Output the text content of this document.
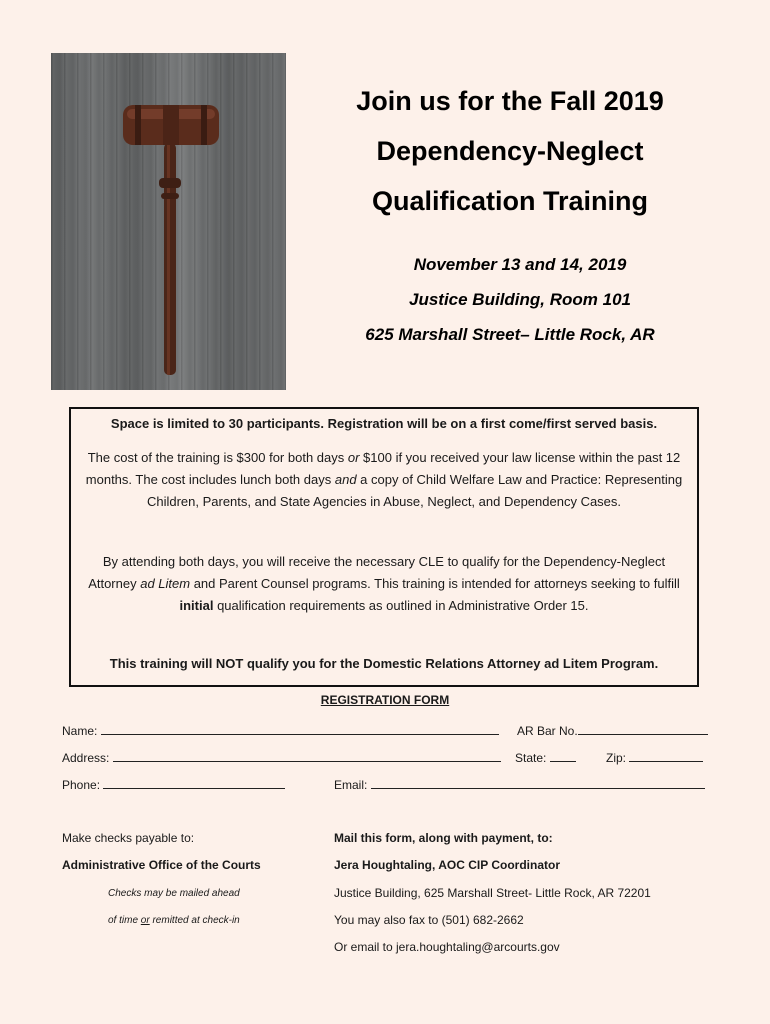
Join us for the Fall 2019
Dependency-Neglect
Qualification Training
November 13 and 14, 2019
Justice Building, Room 101
625 Marshall Street– Little Rock, AR

Space is limited to 30 participants. Registration will be on a first come/first served basis.

The cost of the training is $300 for both days or $100 if you received your law license within the past 12 months. The cost includes lunch both days and a copy of Child Welfare Law and Practice: Representing Children, Parents, and State Agencies in Abuse, Neglect, and Dependency Cases.

By attending both days, you will receive the necessary CLE to qualify for the Dependency-Neglect Attorney ad Litem and Parent Counsel programs. This training is intended for attorneys seeking to fulfill initial qualification requirements as outlined in Administrative Order 15.

This training will NOT qualify you for the Domestic Relations Attorney ad Litem Program.

REGISTRATION FORM
Name:	AR Bar No.
Address:	State:	Zip:
Phone:	Email:
Make checks payable to:
Administrative Office of the Courts
Checks may be mailed ahead
of time or remitted at check-in
Mail this form, along with payment, to:
Jera Houghtaling, AOC CIP Coordinator
Justice Building, 625 Marshall Street- Little Rock, AR 72201
You may also fax to (501) 682-2662
Or email to jera.houghtaling@arcourts.gov
